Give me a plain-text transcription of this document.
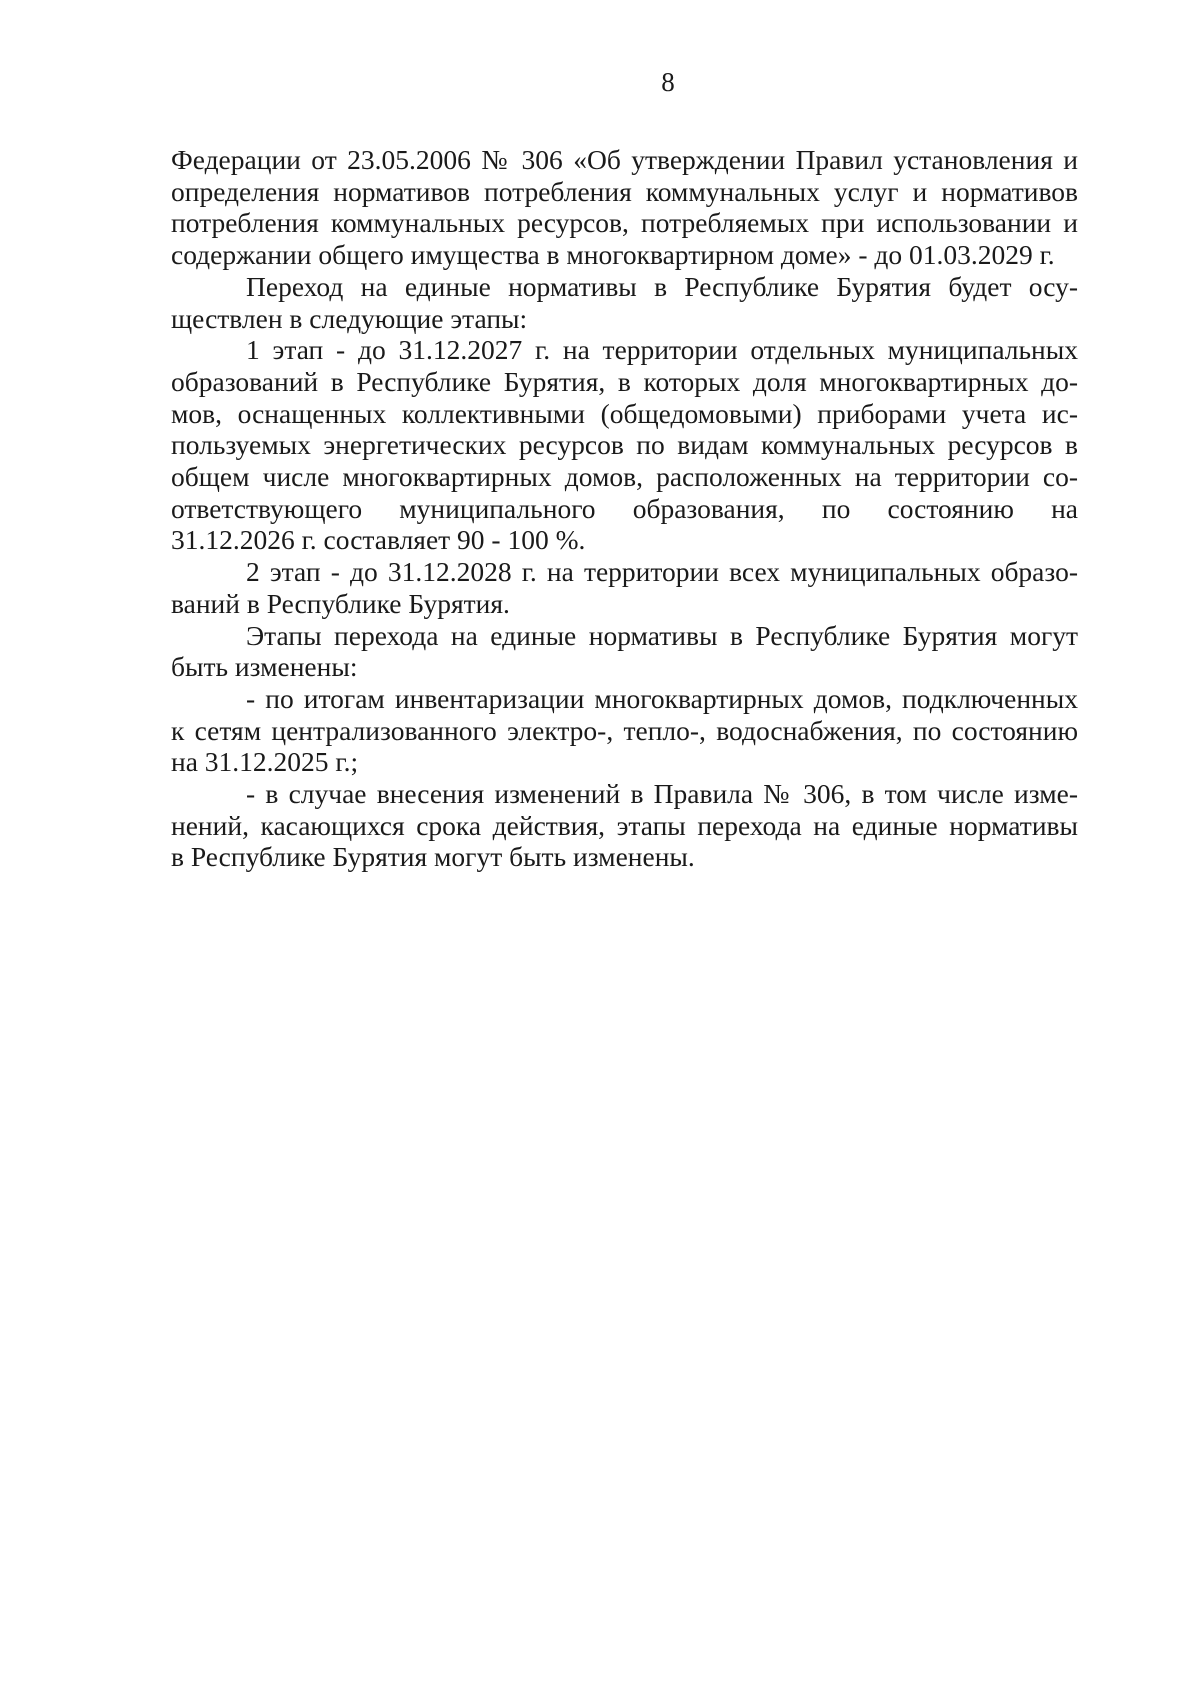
8

Федерации от 23.05.2006 № 306 «Об утверждении Правил установления и
определения нормативов потребления коммунальных услуг и нормативов
потребления коммунальных ресурсов, потребляемых при использовании и
содержании общего имущества в многоквартирном доме» - до 01.03.2029 г.

Переход на единые нормативы в Республике Бурятия будет осу-
ществлен в следующие этапы:

1 этап - до 31.12.2027 г. на территории отдельных муниципальных
образований в Республике Бурятия, в которых доля многоквартирных до-
мов, оснащенных коллективными (общедомовыми) приборами учета ис-
пользуемых энергетических ресурсов по видам коммунальных ресурсов в
общем числе многоквартирных домов, расположенных на территории со-
ответствующего муниципального образования, по состоянию на
31.12.2026 г. составляет 90 - 100 %.

2 этап - до 31.12.2028 г. на территории всех муниципальных образо-
ваний в Республике Бурятия.

Этапы перехода на единые нормативы в Республике Бурятия могут
быть изменены:

- по итогам инвентаризации многоквартирных домов, подключенных
к сетям централизованного электро-, тепло-, водоснабжения, по состоянию
на 31.12.2025 г.;

- в случае внесения изменений в Правила № 306, в том числе изме-
нений, касающихся срока действия, этапы перехода на единые нормативы
в Республике Бурятия могут быть изменены.
